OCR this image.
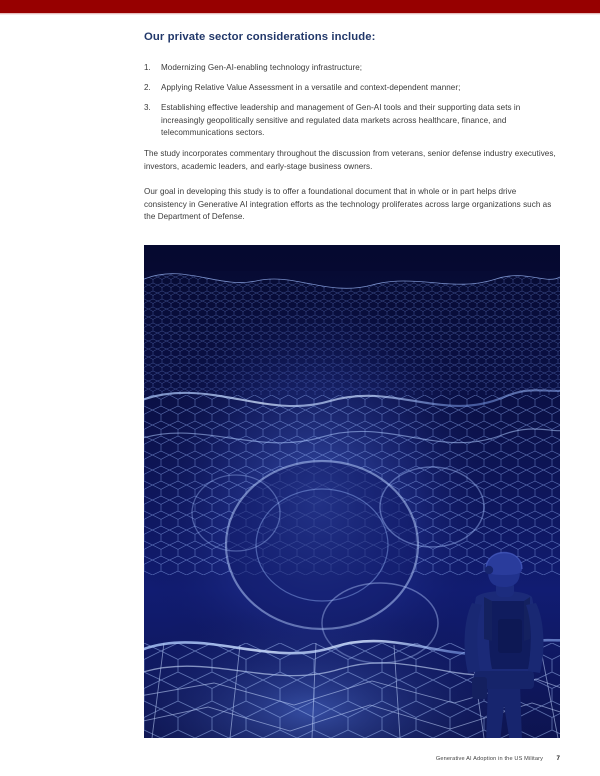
Our private sector considerations include:
1. Modernizing Gen-AI-enabling technology infrastructure;
2. Applying Relative Value Assessment in a versatile and context-dependent manner;
3. Establishing effective leadership and management of Gen-AI tools and their supporting data sets in increasingly geopolitically sensitive and regulated data markets across healthcare, finance, and telecommunications sectors.

The study incorporates commentary throughout the discussion from veterans, senior defense industry executives, investors, academic leaders, and early-stage business owners.

Our goal in developing this study is to offer a foundational document that in whole or in part helps drive consistency in Generative AI integration efforts as the technology proliferates across large organizations such as the Department of Defense.

Generative AI Adoption in the US Military 7
